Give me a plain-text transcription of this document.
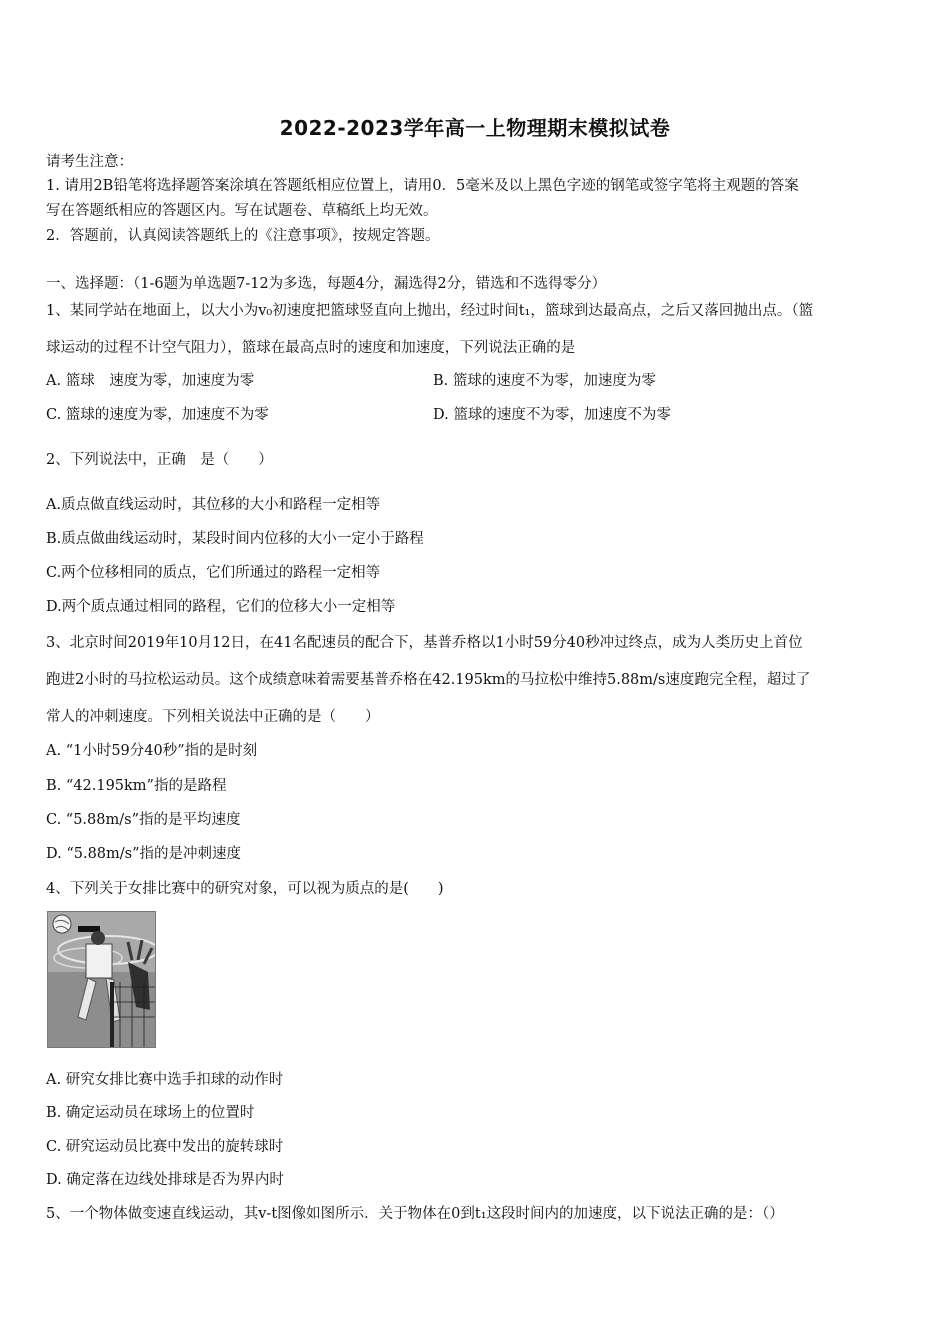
2022-2023学年高一上物理期末模拟试卷
请考生注意：
1. 请用2B铅笔将选择题答案涂填在答题纸相应位置上，请用0．5毫米及以上黑色字迹的钢笔或签字笔将主观题的答案
写在答题纸相应的答题区内。写在试题卷、草稿纸上均无效。
2．答题前，认真阅读答题纸上的《注意事项》，按规定答题。
一、选择题：（1-6题为单选题7-12为多选，每题4分，漏选得2分，错选和不选得零分）
1、某同学站在地面上，以大小为v₀初速度把篮球竖直向上抛出，经过时间t₁，篮球到达最高点，之后又落回抛出点。（篮
球运动的过程不计空气阻力），篮球在最高点时的速度和加速度，下列说法正确的是
A. 篮球　速度为零，加速度为零	B. 篮球的速度不为零，加速度为零
C. 篮球的速度为零，加速度不为零	D. 篮球的速度不为零，加速度不为零
2、下列说法中，正确　是（　　）
A.质点做直线运动时，其位移的大小和路程一定相等
B.质点做曲线运动时，某段时间内位移的大小一定小于路程
C.两个位移相同的质点，它们所通过的路程一定相等
D.两个质点通过相同的路程，它们的位移大小一定相等
3、北京时间2019年10月12日，在41名配速员的配合下，基普乔格以1小时59分40秒冲过终点，成为人类历史上首位
跑进2小时的马拉松运动员。这个成绩意味着需要基普乔格在42.195km的马拉松中维持5.88m/s速度跑完全程，超过了
常人的冲刺速度。下列相关说法中正确的是（　　）
A. “1小时59分40秒”指的是时刻
B. “42.195km”指的是路程
C. “5.88m/s”指的是平均速度
D. “5.88m/s”指的是冲刺速度
4、下列关于女排比赛中的研究对象，可以视为质点的是(　　)
A. 研究女排比赛中选手扣球的动作时
B. 确定运动员在球场上的位置时
C. 研究运动员比赛中发出的旋转球时
D. 确定落在边线处排球是否为界内时
5、一个物体做变速直线运动，其v-t图像如图所示．关于物体在0到t₁这段时间内的加速度，以下说法正确的是：（）
